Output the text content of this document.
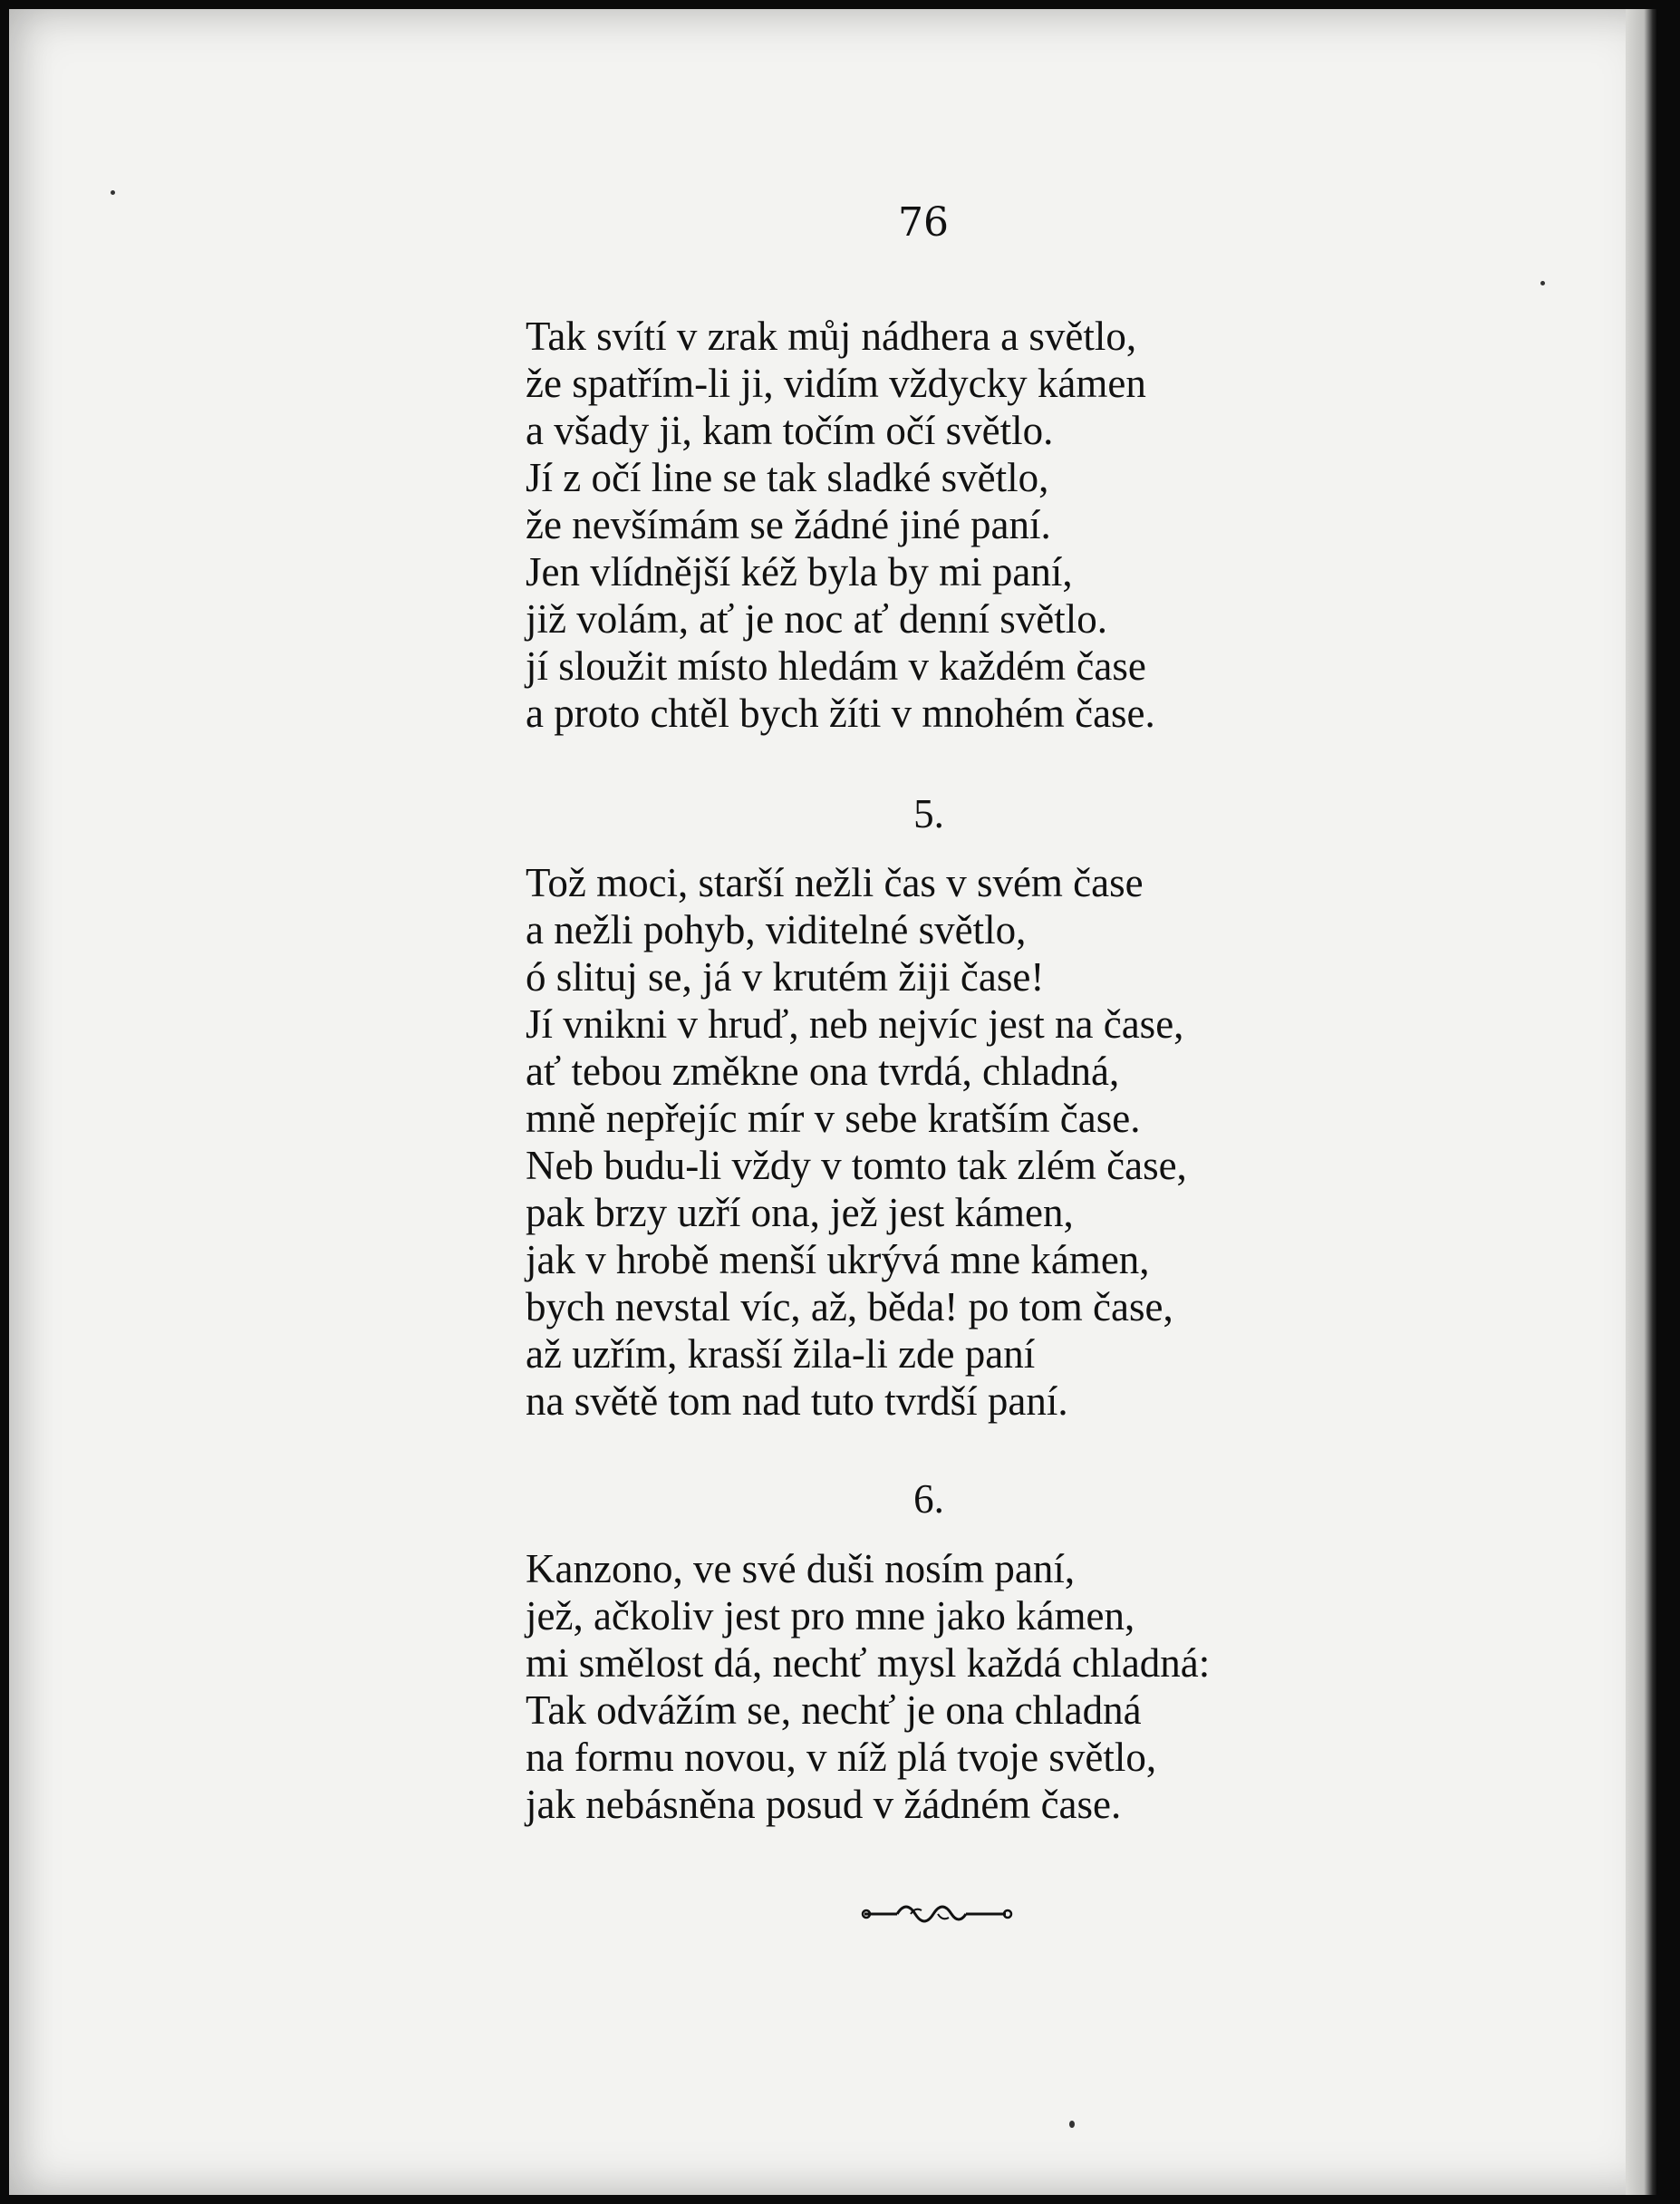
76
Tak svítí v zrak můj nádhera a světlo,
že spatřím-li ji, vidím vždycky kámen
a všady ji, kam točím očí světlo.
Jí z očí line se tak sladké světlo,
že nevšímám se žádné jiné paní.
Jen vlídnější kéž byla by mi paní,
již volám, ať je noc ať denní světlo.
jí sloužit místo hledám v každém čase
a proto chtěl bych žíti v mnohém čase.
5.
Tož moci, starší nežli čas v svém čase
a nežli pohyb, viditelné světlo,
ó slituj se, já v krutém žiji čase!
Jí vnikni v hruď, neb nejvíc jest na čase,
ať tebou změkne ona tvrdá, chladná,
mně nepřejíc mír v sebe kratším čase.
Neb budu-li vždy v tomto tak zlém čase,
pak brzy uzří ona, jež jest kámen,
jak v hrobě menší ukrývá mne kámen,
bych nevstal víc, až, běda! po tom čase,
až uzřím, krasší žila-li zde paní
na světě tom nad tuto tvrdší paní.
6.
Kanzono, ve své duši nosím paní,
jež, ačkoliv jest pro mne jako kámen,
mi smělost dá, nechť mysl každá chladná:
Tak odvážím se, nechť je ona chladná
na formu novou, v níž plá tvoje světlo,
jak nebásněna posud v žádném čase.
